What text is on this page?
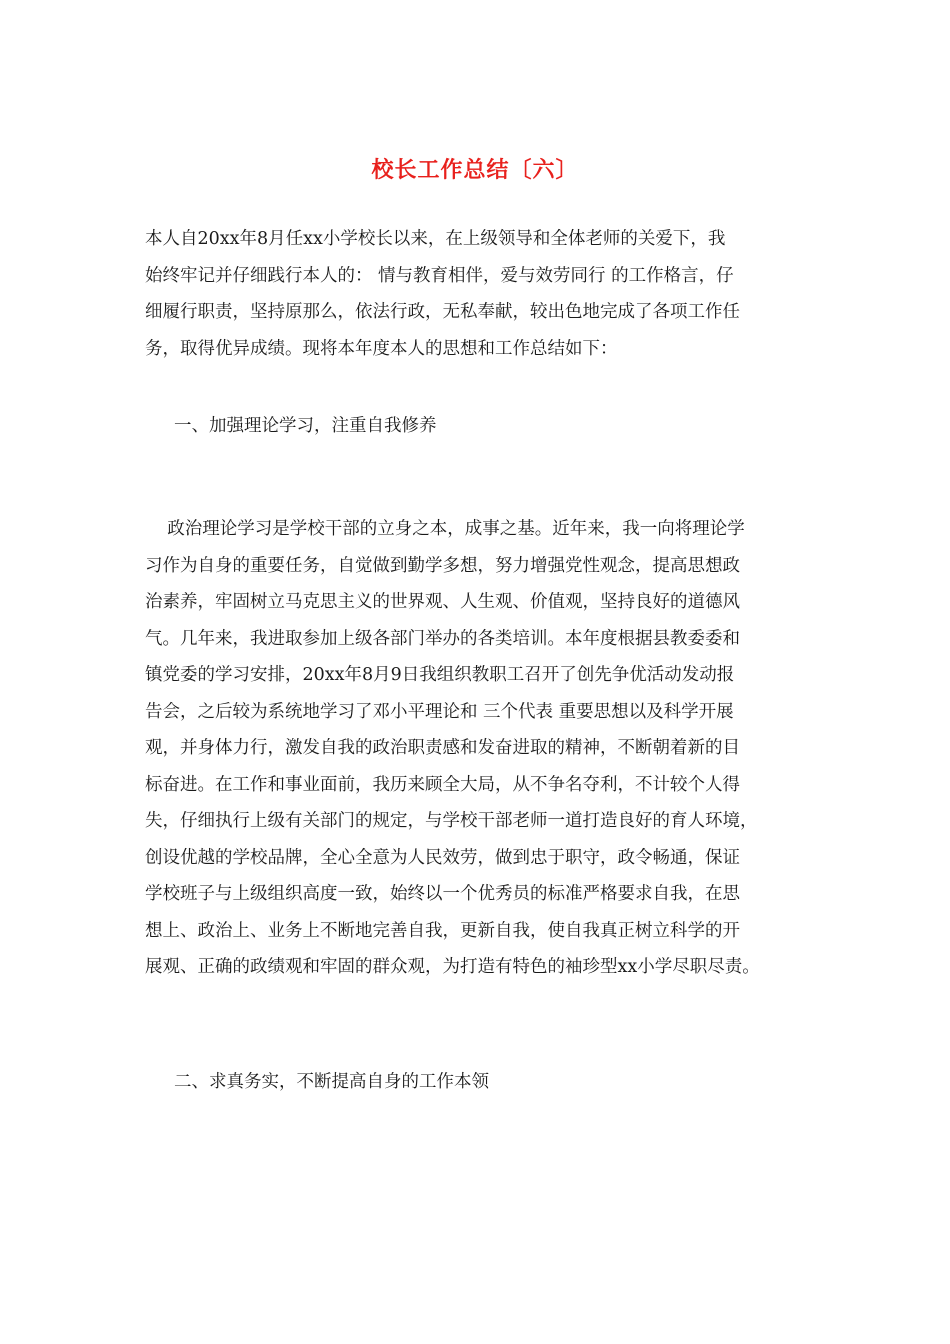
校长工作总结〔六〕
本人自20xx年8月任xx小学校长以来，在上级领导和全体老师的关爱下，我
始终牢记并仔细践行本人的： 情与教育相伴，爱与效劳同行 的工作格言，仔
细履行职责，坚持原那么，依法行政，无私奉献，较出色地完成了各项工作任
务，取得优异成绩。现将本年度本人的思想和工作总结如下：
一、加强理论学习，注重自我修养
政治理论学习是学校干部的立身之本，成事之基。近年来，我一向将理论学
习作为自身的重要任务，自觉做到勤学多想，努力增强党性观念，提高思想政
治素养，牢固树立马克思主义的世界观、人生观、价值观，坚持良好的道德风
气。几年来，我进取参加上级各部门举办的各类培训。本年度根据县教委委和
镇党委的学习安排，20xx年8月9日我组织教职工召开了创先争优活动发动报
告会，之后较为系统地学习了邓小平理论和 三个代表 重要思想以及科学开展
观，并身体力行，激发自我的政治职责感和发奋进取的精神，不断朝着新的目
标奋进。在工作和事业面前，我历来顾全大局，从不争名夺利，不计较个人得
失，仔细执行上级有关部门的规定，与学校干部老师一道打造良好的育人环境，
创设优越的学校品牌，全心全意为人民效劳，做到忠于职守，政令畅通，保证
学校班子与上级组织高度一致，始终以一个优秀员的标准严格要求自我，在思
想上、政治上、业务上不断地完善自我，更新自我，使自我真正树立科学的开
展观、正确的政绩观和牢固的群众观，为打造有特色的袖珍型xx小学尽职尽责。
二、求真务实，不断提高自身的工作本领
